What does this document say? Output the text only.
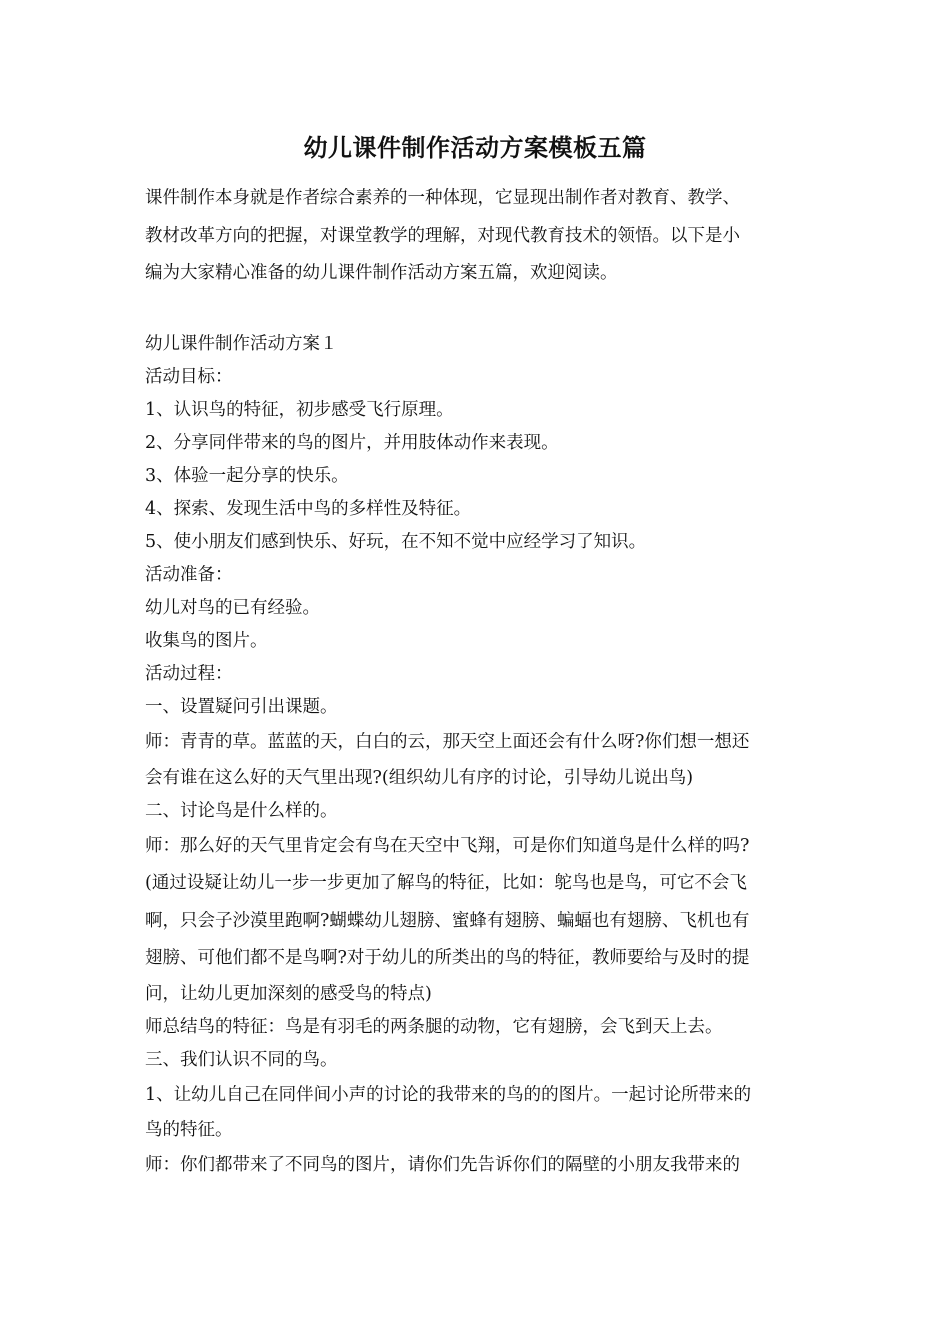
幼儿课件制作活动方案模板五篇
课件制作本身就是作者综合素养的一种体现，它显现出制作者对教育、教学、
教材改革方向的把握，对课堂教学的理解，对现代教育技术的领悟。以下是小
编为大家精心准备的幼儿课件制作活动方案五篇，欢迎阅读。
幼儿课件制作活动方案１
活动目标：
1、认识鸟的特征，初步感受飞行原理。
2、分享同伴带来的鸟的图片，并用肢体动作来表现。
3、体验一起分享的快乐。
4、探索、发现生活中鸟的多样性及特征。
5、使小朋友们感到快乐、好玩，在不知不觉中应经学习了知识。
活动准备：
幼儿对鸟的已有经验。
收集鸟的图片。
活动过程：
一、设置疑问引出课题。
师：青青的草。蓝蓝的天，白白的云，那天空上面还会有什么呀?你们想一想还
会有谁在这么好的天气里出现?(组织幼儿有序的讨论，引导幼儿说出鸟)
二、讨论鸟是什么样的。
师：那么好的天气里肯定会有鸟在天空中飞翔，可是你们知道鸟是什么样的吗?
(通过设疑让幼儿一步一步更加了解鸟的特征，比如：鸵鸟也是鸟，可它不会飞
啊，只会子沙漠里跑啊?蝴蝶幼儿翅膀、蜜蜂有翅膀、蝙蝠也有翅膀、飞机也有
翅膀、可他们都不是鸟啊?对于幼儿的所类出的鸟的特征，教师要给与及时的提
问，让幼儿更加深刻的感受鸟的特点)
师总结鸟的特征：鸟是有羽毛的两条腿的动物，它有翅膀，会飞到天上去。
三、我们认识不同的鸟。
1、让幼儿自己在同伴间小声的讨论的我带来的鸟的的图片。一起讨论所带来的
鸟的特征。
师：你们都带来了不同鸟的图片，请你们先告诉你们的隔壁的小朋友我带来的
